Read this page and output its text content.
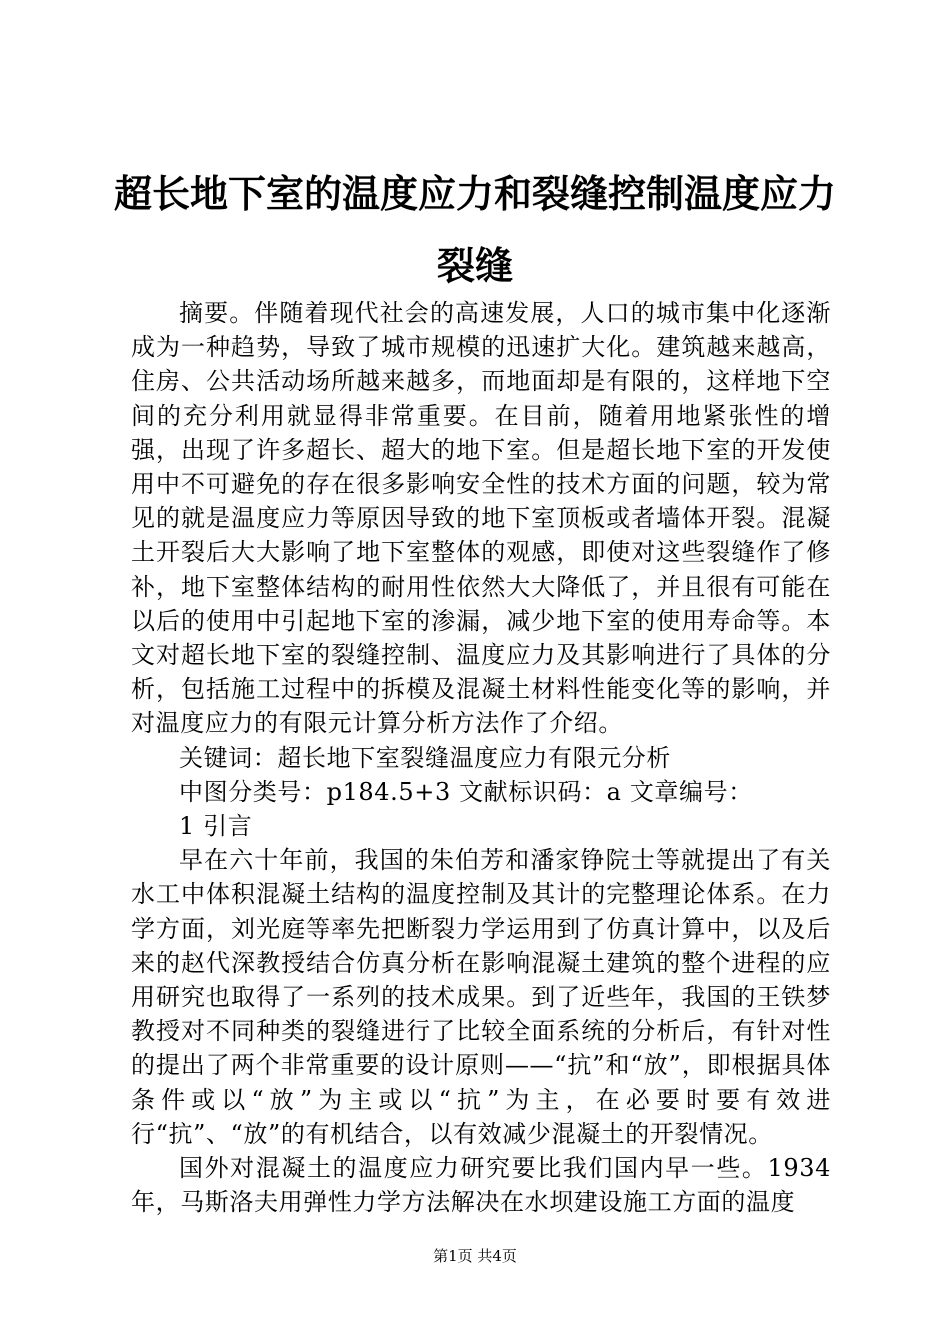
超长地下室的温度应力和裂缝控制温度应力裂缝

摘要。伴随着现代社会的高速发展，人口的城市集中化逐渐成为一种趋势，导致了城市规模的迅速扩大化。建筑越来越高，住房、公共活动场所越来越多，而地面却是有限的，这样地下空间的充分利用就显得非常重要。在目前，随着用地紧张性的增强，出现了许多超长、超大的地下室。但是超长地下室的开发使用中不可避免的存在很多影响安全性的技术方面的问题，较为常见的就是温度应力等原因导致的地下室顶板或者墙体开裂。混凝土开裂后大大影响了地下室整体的观感，即使对这些裂缝作了修补，地下室整体结构的耐用性依然大大降低了，并且很有可能在以后的使用中引起地下室的渗漏，减少地下室的使用寿命等。本文对超长地下室的裂缝控制、温度应力及其影响进行了具体的分析，包括施工过程中的拆模及混凝土材料性能变化等的影响，并对温度应力的有限元计算分析方法作了介绍。

关键词：超长地下室裂缝温度应力有限元分析

中图分类号：p184.5+3 文献标识码：a 文章编号：

1 引言

早在六十年前，我国的朱伯芳和潘家铮院士等就提出了有关水工中体积混凝土结构的温度控制及其计的完整理论体系。在力学方面，刘光庭等率先把断裂力学运用到了仿真计算中，以及后来的赵代深教授结合仿真分析在影响混凝土建筑的整个进程的应用研究也取得了一系列的技术成果。到了近些年，我国的王铁梦教授对不同种类的裂缝进行了比较全面系统的分析后，有针对性的提出了两个非常重要的设计原则——“抗”和“放”，即根据具体条件或以“放”为主或以“抗”为主，在必要时要有效进行“抗”、“放”的有机结合，以有效减少混凝土的开裂情况。

国外对混凝土的温度应力研究要比我们国内早一些。1934年，马斯洛夫用弹性力学方法解决在水坝建设施工方面的温度

第1页 共4页
